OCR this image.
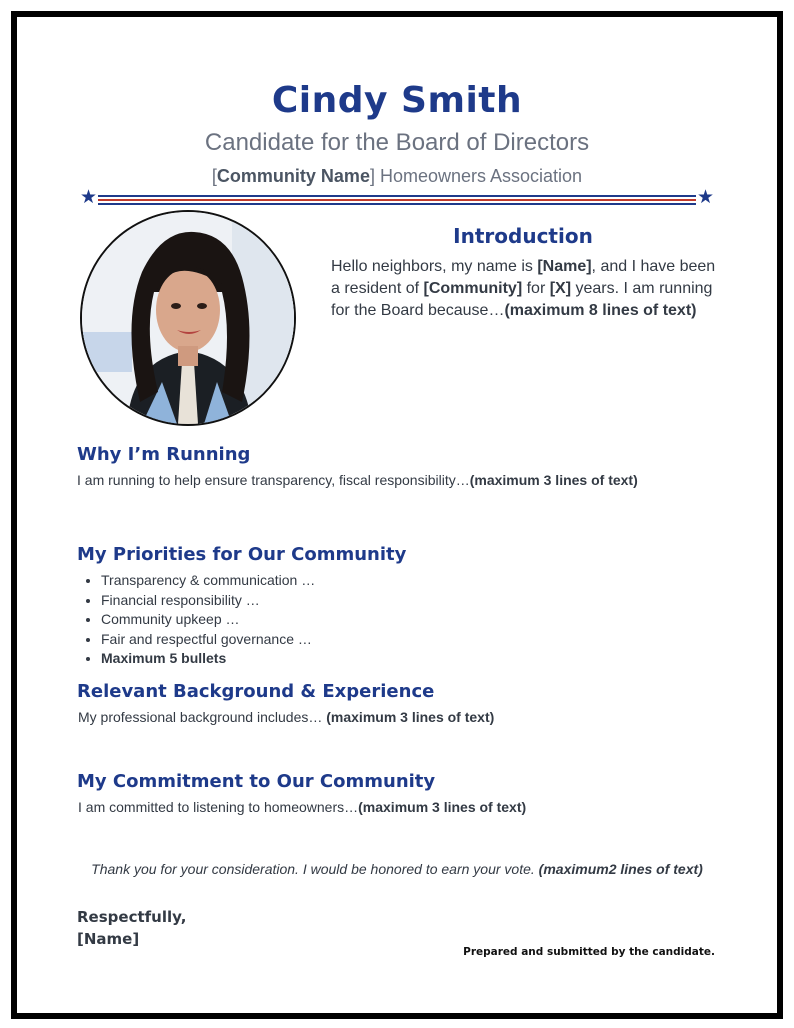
Cindy Smith
Candidate for the Board of Directors
[Community Name] Homeowners Association
★	★
Introduction
Hello neighbors, my name is [Name], and I have been a resident of [Community] for [X] years. I am running for the Board because…(maximum 8 lines of text)
Why I’m Running
I am running to help ensure transparency, fiscal responsibility…(maximum 3 lines of text)
My Priorities for Our Community
• Transparency & communication …
• Financial responsibility …
• Community upkeep …
• Fair and respectful governance …
• Maximum 5 bullets
Relevant Background & Experience
My professional background includes… (maximum 3 lines of text)
My Commitment to Our Community
I am committed to listening to homeowners…(maximum 3 lines of text)
Thank you for your consideration. I would be honored to earn your vote. (maximum2 lines of text)
Respectfully,
[Name]
Prepared and submitted by the candidate.
